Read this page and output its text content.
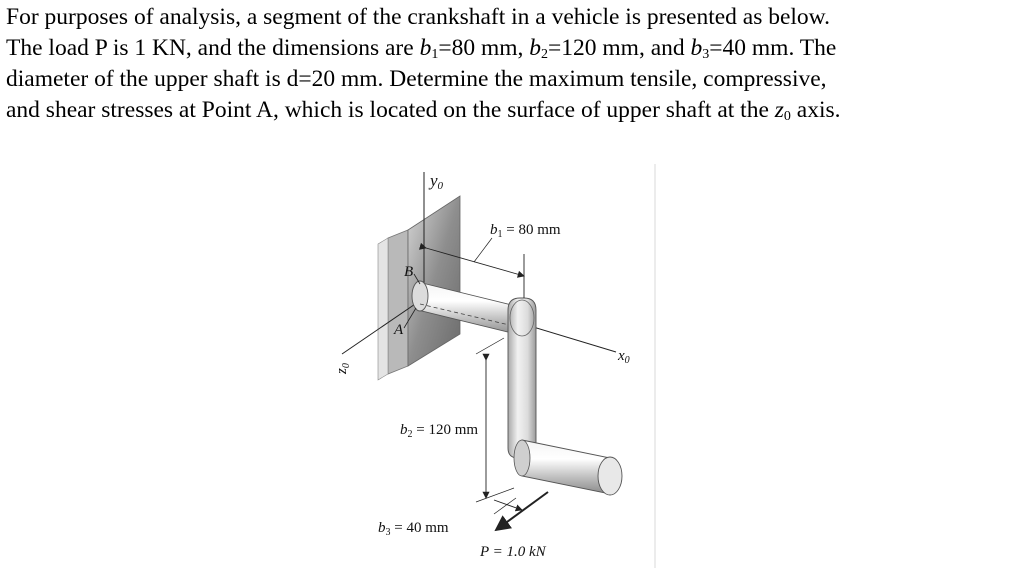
For purposes of analysis, a segment of the crankshaft in a vehicle is presented as below.

The load P is 1 KN, and the dimensions are $b_1=80$ mm, $b_2=120$ mm, and $b_3=40$ mm. The

diameter of the upper shaft is d=20 mm. Determine the maximum tensile, compressive,

and shear stresses at Point A, which is located on the surface of upper shaft at the $z_0$ axis.

y0
$z_0$
$x_0$
B
A
$b_1 = 80$ mm
$b_2 = 120$ mm
$b_3 = 40$ mm
P = 1.0 kN
